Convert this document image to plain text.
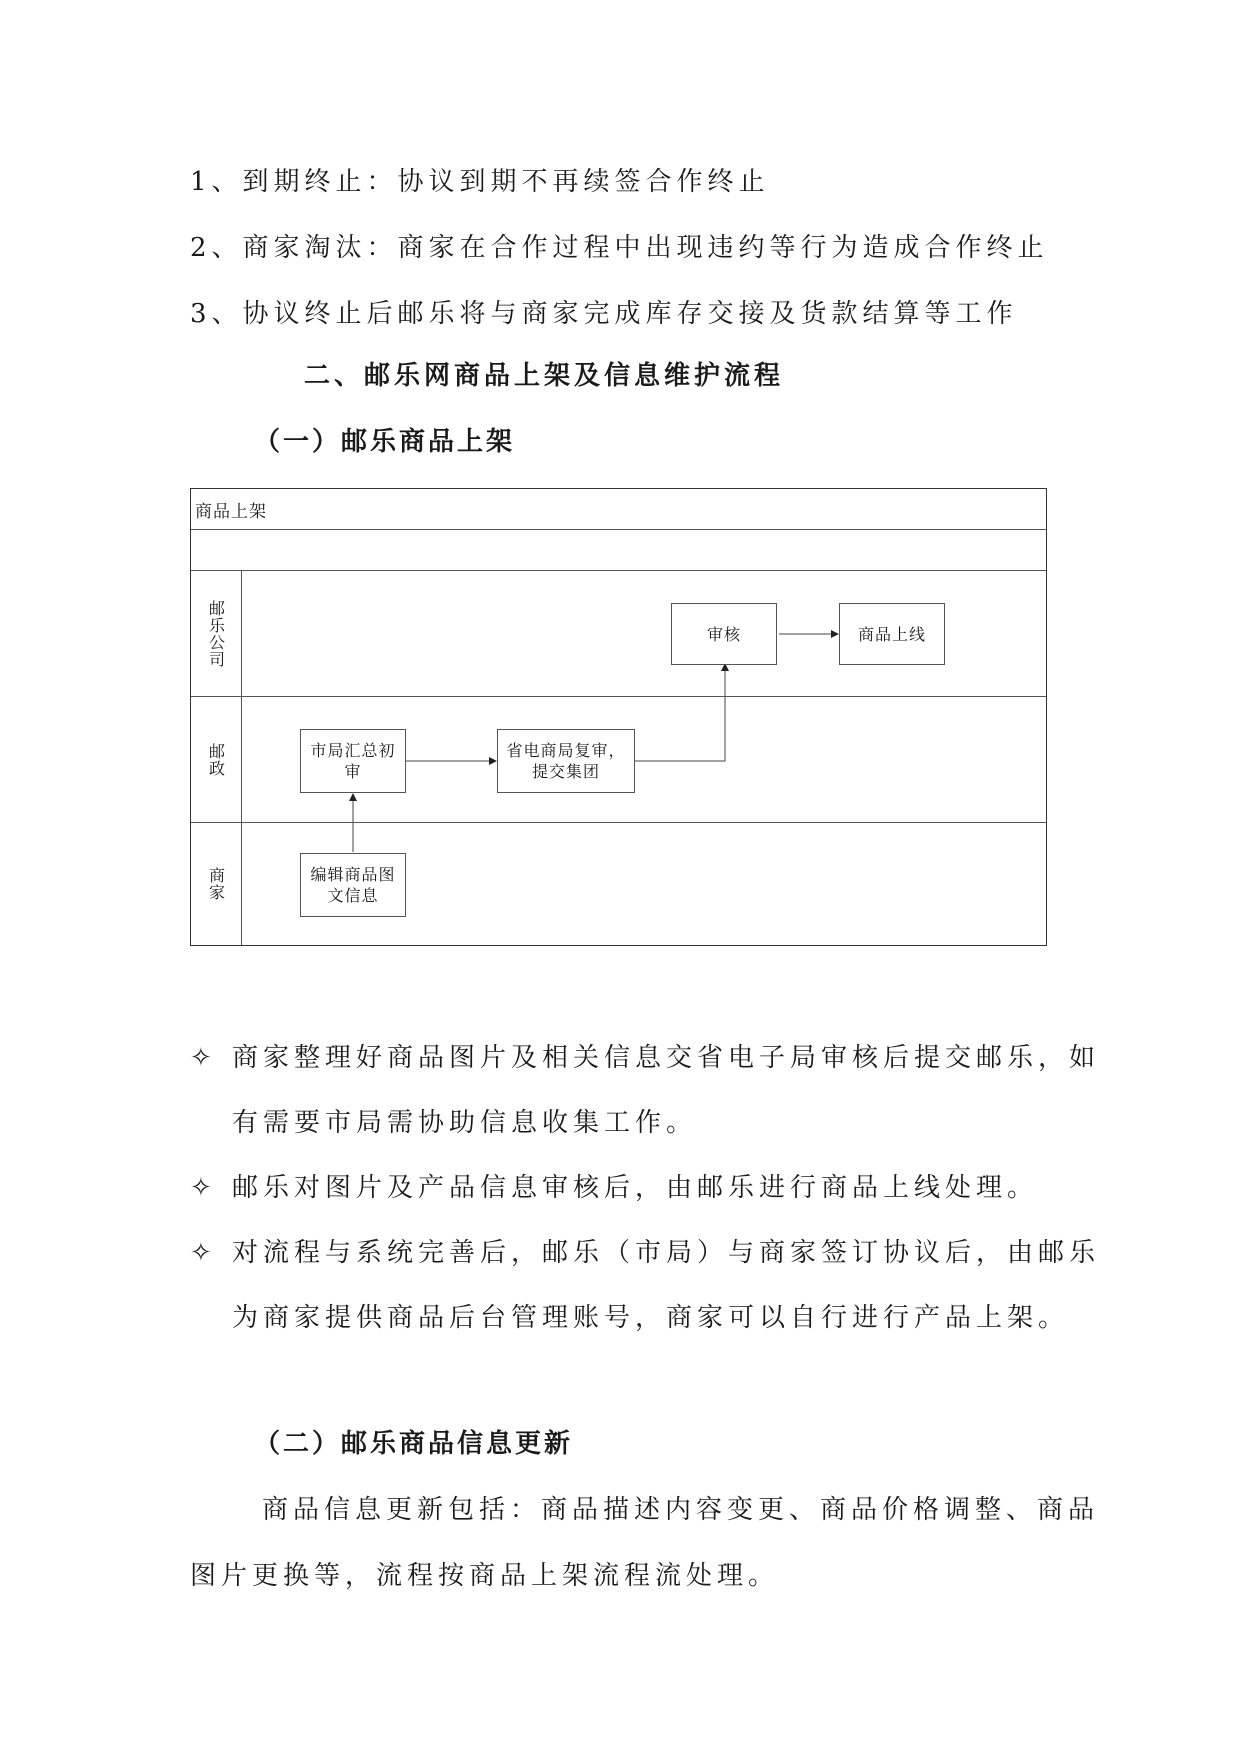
1、到期终止：协议到期不再续签合作终止
2、商家淘汰：商家在合作过程中出现违约等行为造成合作终止
3、协议终止后邮乐将与商家完成库存交接及货款结算等工作
二、邮乐网商品上架及信息维护流程
（一）邮乐商品上架
商品上架
邮乐公司
邮政
商家
审核	商品上线
市局汇总初审
省电商局复审，提交集团
编辑商品图文信息
✧ 商家整理好商品图片及相关信息交省电子局审核后提交邮乐，如
有需要市局需协助信息收集工作。
✧ 邮乐对图片及产品信息审核后，由邮乐进行商品上线处理。
✧ 对流程与系统完善后，邮乐（市局）与商家签订协议后，由邮乐
为商家提供商品后台管理账号，商家可以自行进行产品上架。
（二）邮乐商品信息更新
商品信息更新包括：商品描述内容变更、商品价格调整、商品
图片更换等，流程按商品上架流程流处理。
